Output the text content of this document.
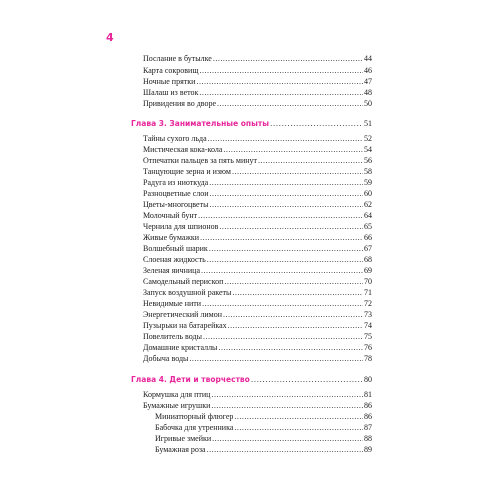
4
Послание в бутылке .....	44
Карта сокровищ .....	46
Ночные прятки .....	47
Шалаш из веток .....	48
Привидения во дворе .....	50
Глава 3. Занимательные опыты .....	51
Тайны сухого льда .....	52
Мистическая кока-кола .....	54
Отпечатки пальцев за пять минут .....	56
Танцующие зерна и изюм .....	58
Радуга из ниоткуда .....	59
Разноцветные слои .....	60
Цветы-многоцветы .....	62
Молочный бунт .....	64
Чернила для шпионов .....	65
Живые бумажки .....	66
Волшебный шарик .....	67
Слоеная жидкость .....	68
Зеленая яичница .....	69
Самодельный перископ .....	70
Запуск воздушной ракеты .....	71
Невидимые нити .....	72
Энергетический лимон .....	73
Пузырьки на батарейках .....	74
Повелитель воды .....	75
Домашние кристаллы .....	76
Добыча воды .....	78
Глава 4. Дети и творчество .....	80
Кормушка для птиц .....	81
Бумажные игрушки .....	86
Миниатюрный флюгер .....	86
Бабочка для утренника .....	87
Игривые змейки .....	88
Бумажная роза .....	89
